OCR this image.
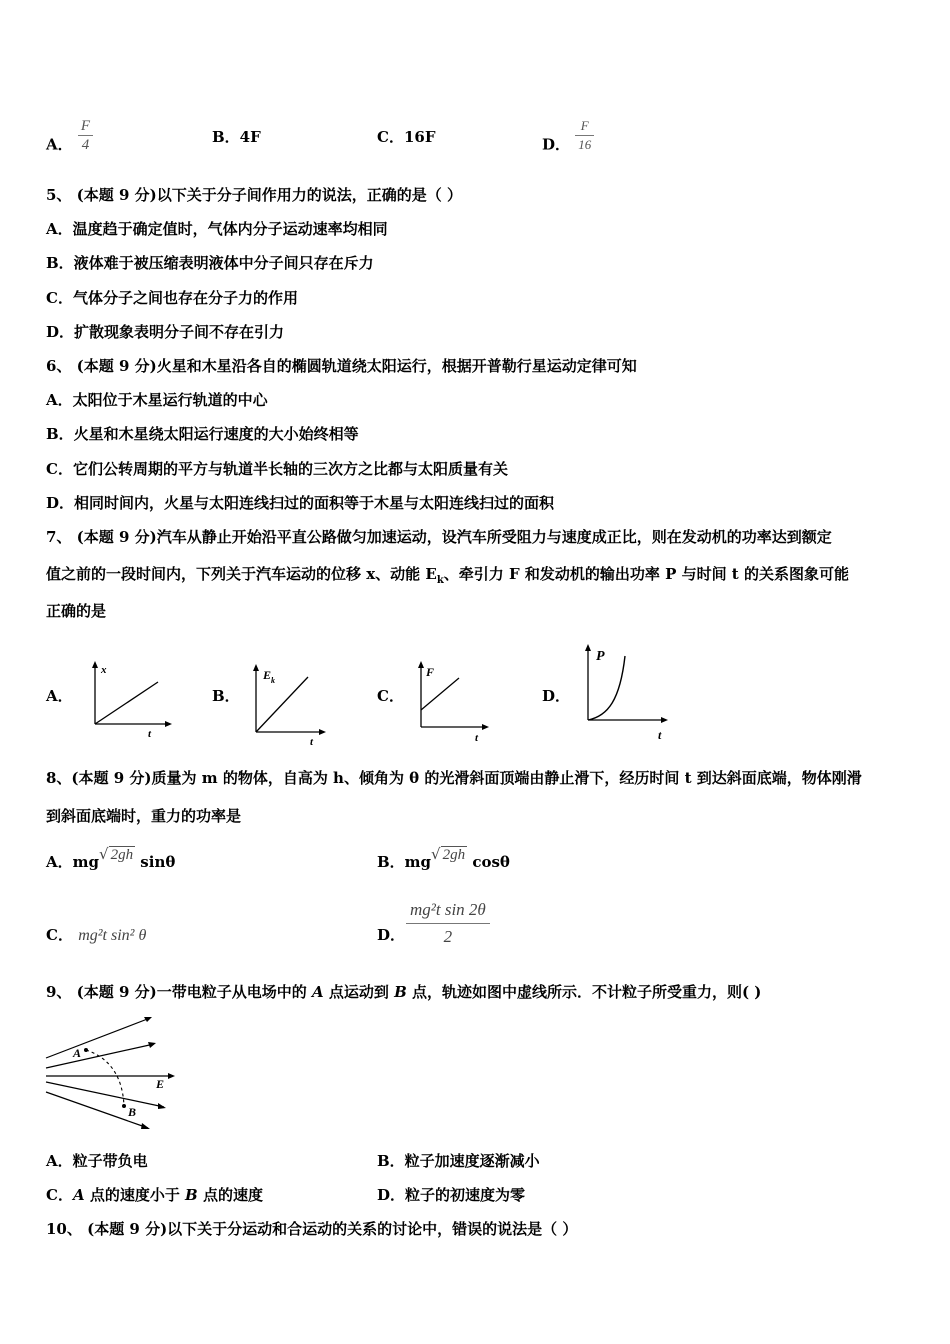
A． $\frac{F}{4}$	B．4F	C．16F	D． $\frac{F}{16}$
5、 (本题 9 分)以下关于分子间作用力的说法，正确的是（ ）
A．温度趋于确定值时，气体内分子运动速率均相同
B．液体难于被压缩表明液体中分子间只存在斥力
C．气体分子之间也存在分子力的作用
D．扩散现象表明分子间不存在引力
6、 (本题 9 分)火星和木星沿各自的椭圆轨道绕太阳运行，根据开普勒行星运动定律可知
A．太阳位于木星运行轨道的中心
B．火星和木星绕太阳运行速度的大小始终相等
C．它们公转周期的平方与轨道半长轴的三次方之比都与太阳质量有关
D．相同时间内，火星与太阳连线扫过的面积等于木星与太阳连线扫过的面积
7、 (本题 9 分)汽车从静止开始沿平直公路做匀加速运动，设汽车所受阻力与速度成正比，则在发动机的功率达到额定
值之前的一段时间内，下列关于汽车运动的位移 x、动能 $E_k$、牵引力 F 和发动机的输出功率 P 与时间 t 的关系图象可能
正确的是
A．
x
t
B．
E k
t
C．
F
t
D．
P
t
8、(本题 9 分)质量为 m 的物体，自高为 h、倾角为 θ 的光滑斜面顶端由静止滑下，经历时间 t 到达斜面底端，物体刚滑
到斜面底端时，重力的功率是
A．mg√ 2gh sinθ	B．mg√ 2gh cosθ
C． mg²t sin² θ	D．
mg²t sin 2θ
2
9、 (本题 9 分)一带电粒子从电场中的 A 点运动到 B 点，轨迹如图中虚线所示．不计粒子所受重力，则( )
A
B
E
A．粒子带负电	B．粒子加速度逐渐减小
C．A 点的速度小于 B 点的速度	D．粒子的初速度为零
10、 (本题 9 分)以下关于分运动和合运动的关系的讨论中，错误的说法是（ ）
